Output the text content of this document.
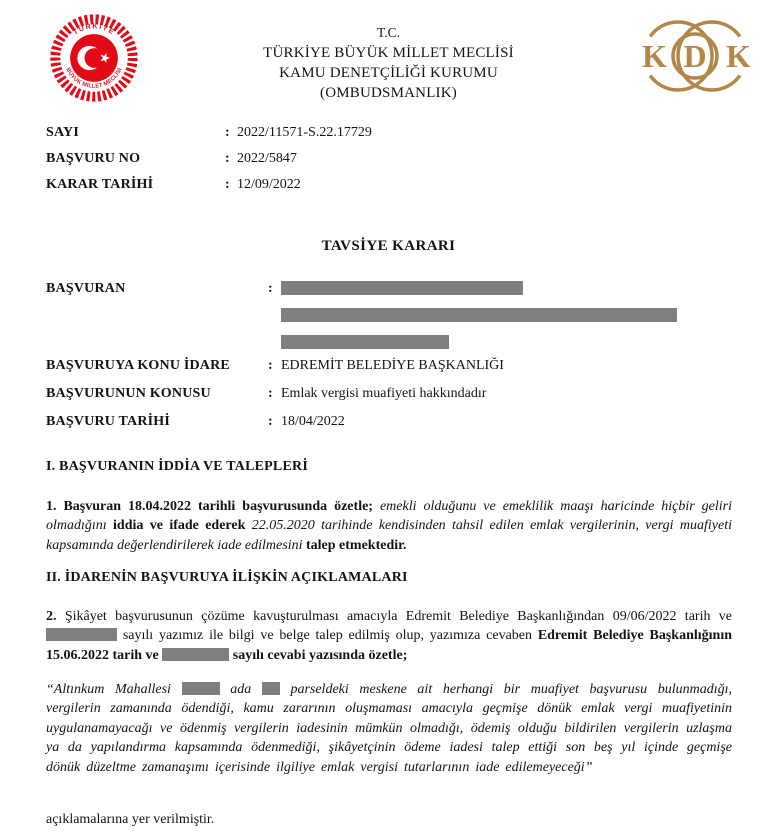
TÜRKİYE
BÜYÜK MİLLET MECLİSİ
T.C.
TÜRKİYE BÜYÜK MİLLET MECLİSİ
KAMU DENETÇİLİĞİ KURUMU
(OMBUDSMANLIK)
K D K
SAYI	: 2022/11571-S.22.17729
BAŞVURU NO	: 2022/5847
KARAR TARİHİ	: 12/09/2022
TAVSİYE KARARI
BAŞVURAN	:
BAŞVURUYA KONU İDARE	: EDREMİT BELEDİYE BAŞKANLIĞI
BAŞVURUNUN KONUSU	: Emlak vergisi muafiyeti hakkındadır
BAŞVURU TARİHİ	: 18/04/2022
I. BAŞVURANIN İDDİA VE TALEPLERİ
1. Başvuran 18.04.2022 tarihli başvurusunda özetle; emekli olduğunu ve emeklilik maaşı haricinde hiçbir geliri olmadığını iddia ve ifade ederek 22.05.2020 tarihinde kendisinden tahsil edilen emlak vergilerinin, vergi muafiyeti kapsamında değerlendirilerek iade edilmesini talep etmektedir.
II. İDARENİN BAŞVURUYA İLİŞKİN AÇIKLAMALARI
2. Şikâyet başvurusunun çözüme kavuşturulması amacıyla Edremit Belediye Başkanlığından 09/06/2022 tarih ve  sayılı yazımız ile bilgi ve belge talep edilmiş olup, yazımıza cevaben Edremit Belediye Başkanlığının 15.06.2022 tarih ve	sayılı cevabi yazısında özetle;
“Altınkum Mahallesi	ada  parseldeki meskene ait herhangi bir muafiyet başvurusu bulunmadığı, vergilerin zamanında ödendiği, kamu zararının oluşmaması amacıyla geçmişe dönük emlak vergi muafiyetinin uygulanamayacağı ve ödenmiş vergilerin iadesinin mümkün olmadığı, ödemiş olduğu bildirilen vergilerin uzlaşma ya da yapılandırma kapsamında ödenmediği, şikâyetçinin ödeme iadesi talep ettiği son beş yıl içinde geçmişe dönük düzeltme zamanaşımı içerisinde ilgiliye emlak vergisi tutarlarının iade edilemeyeceği”
açıklamalarına yer verilmiştir.
